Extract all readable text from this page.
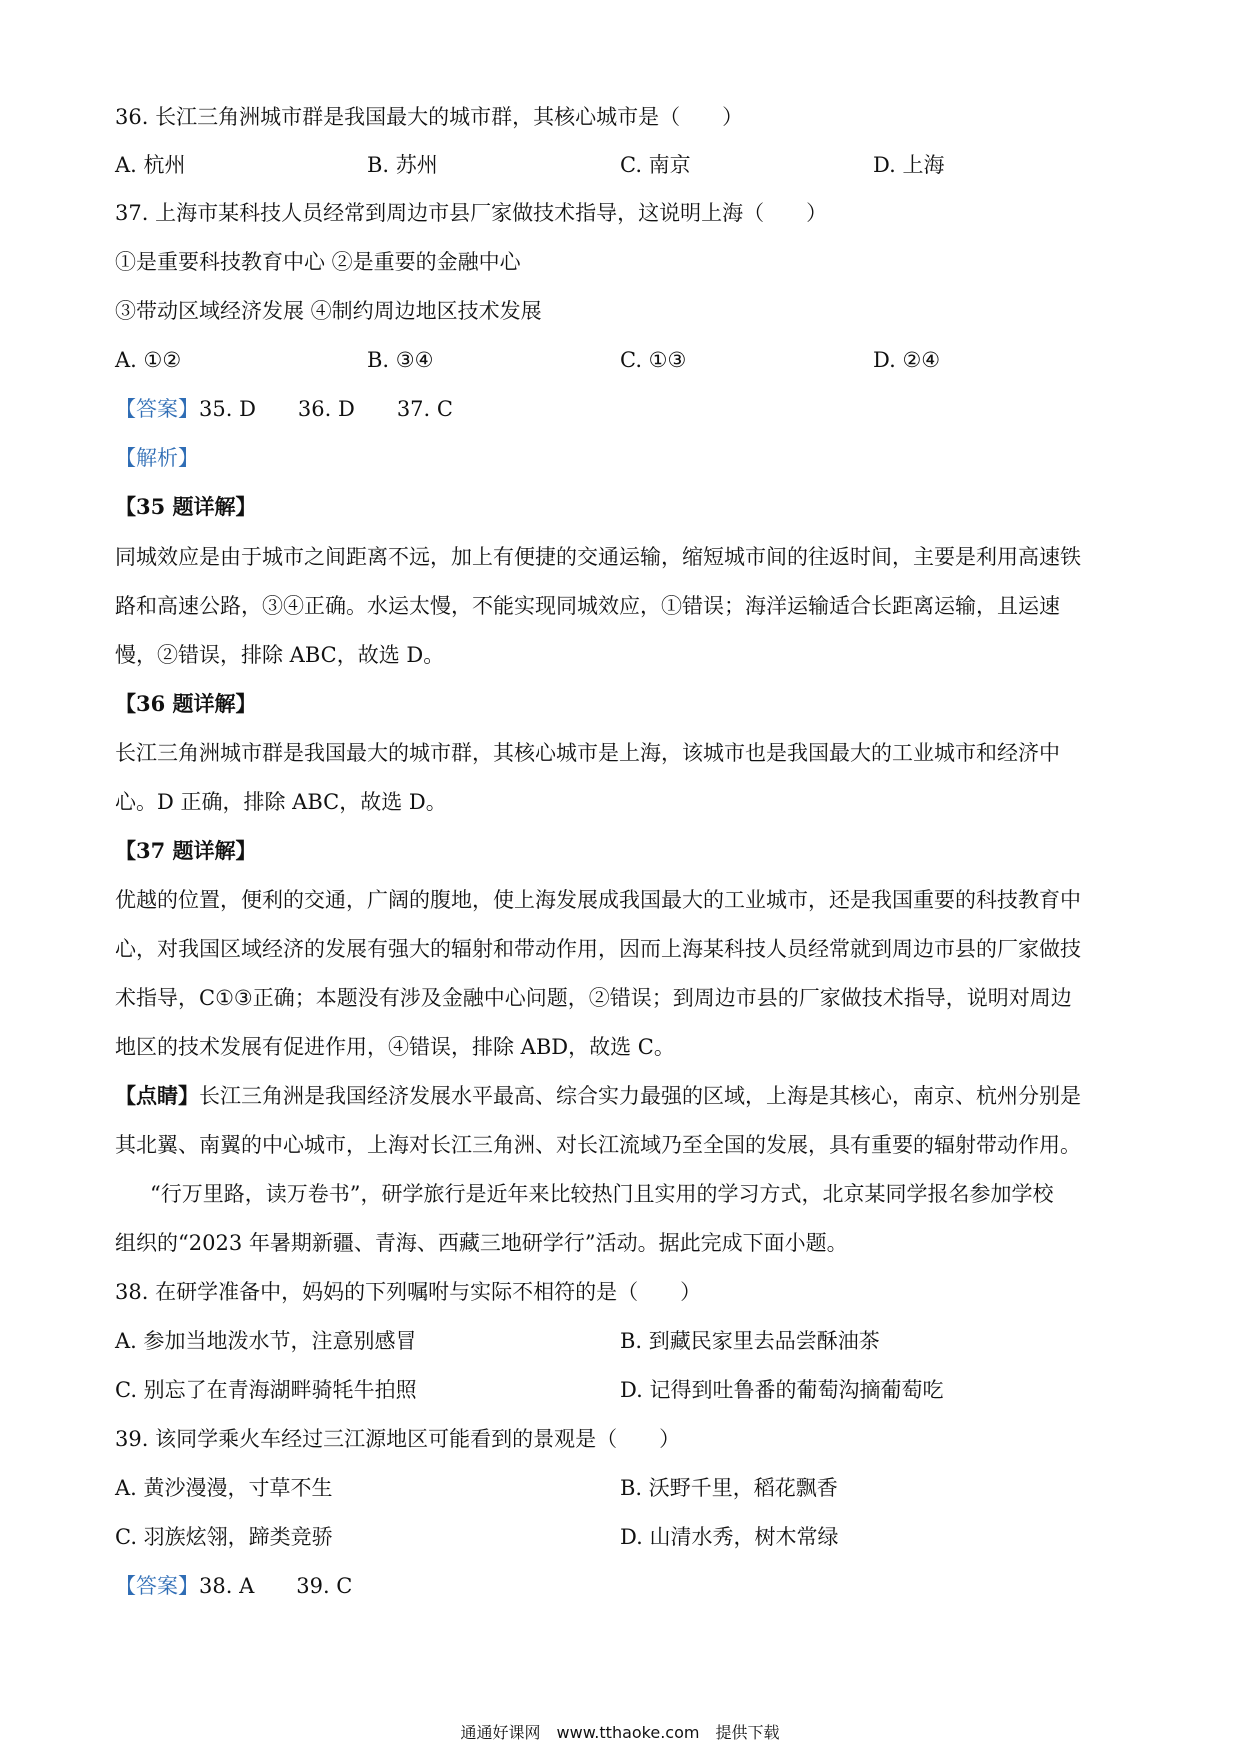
36. 长江三角洲城市群是我国最大的城市群，其核心城市是（　　）
A. 杭州	B. 苏州	C. 南京	D. 上海
37. 上海市某科技人员经常到周边市县厂家做技术指导，这说明上海（　　）
①是重要科技教育中心 ②是重要的金融中心
③带动区域经济发展 ④制约周边地区技术发展
A. ①②	B. ③④	C. ①③	D. ②④
【答案】35. D　　36. D　　37. C
【解析】
【35 题详解】
同城效应是由于城市之间距离不远，加上有便捷的交通运输，缩短城市间的往返时间，主要是利用高速铁
路和高速公路，③④正确。水运太慢，不能实现同城效应，①错误；海洋运输适合长距离运输，且运速
慢，②错误，排除 ABC，故选 D。
【36 题详解】
长江三角洲城市群是我国最大的城市群，其核心城市是上海，该城市也是我国最大的工业城市和经济中
心。D 正确，排除 ABC，故选 D。
【37 题详解】
优越的位置，便利的交通，广阔的腹地，使上海发展成我国最大的工业城市，还是我国重要的科技教育中
心，对我国区域经济的发展有强大的辐射和带动作用，因而上海某科技人员经常就到周边市县的厂家做技
术指导，C①③正确；本题没有涉及金融中心问题，②错误；到周边市县的厂家做技术指导，说明对周边
地区的技术发展有促进作用，④错误，排除 ABD，故选 C。
【点睛】长江三角洲是我国经济发展水平最高、综合实力最强的区域，上海是其核心，南京、杭州分别是
其北翼、南翼的中心城市，上海对长江三角洲、对长江流域乃至全国的发展，具有重要的辐射带动作用。
“行万里路，读万卷书”，研学旅行是近年来比较热门且实用的学习方式，北京某同学报名参加学校
组织的“2023 年暑期新疆、青海、西藏三地研学行”活动。据此完成下面小题。
38. 在研学准备中，妈妈的下列嘱咐与实际不相符的是（　　）
A. 参加当地泼水节，注意别感冒	B. 到藏民家里去品尝酥油茶
C. 别忘了在青海湖畔骑牦牛拍照	D. 记得到吐鲁番的葡萄沟摘葡萄吃
39. 该同学乘火车经过三江源地区可能看到的景观是（　　）
A. 黄沙漫漫，寸草不生	B. 沃野千里，稻花飘香
C. 羽族炫翎，蹄类竞骄	D. 山清水秀，树木常绿
【答案】38. A　　39. C
通通好课网　www.tthaoke.com　提供下载
